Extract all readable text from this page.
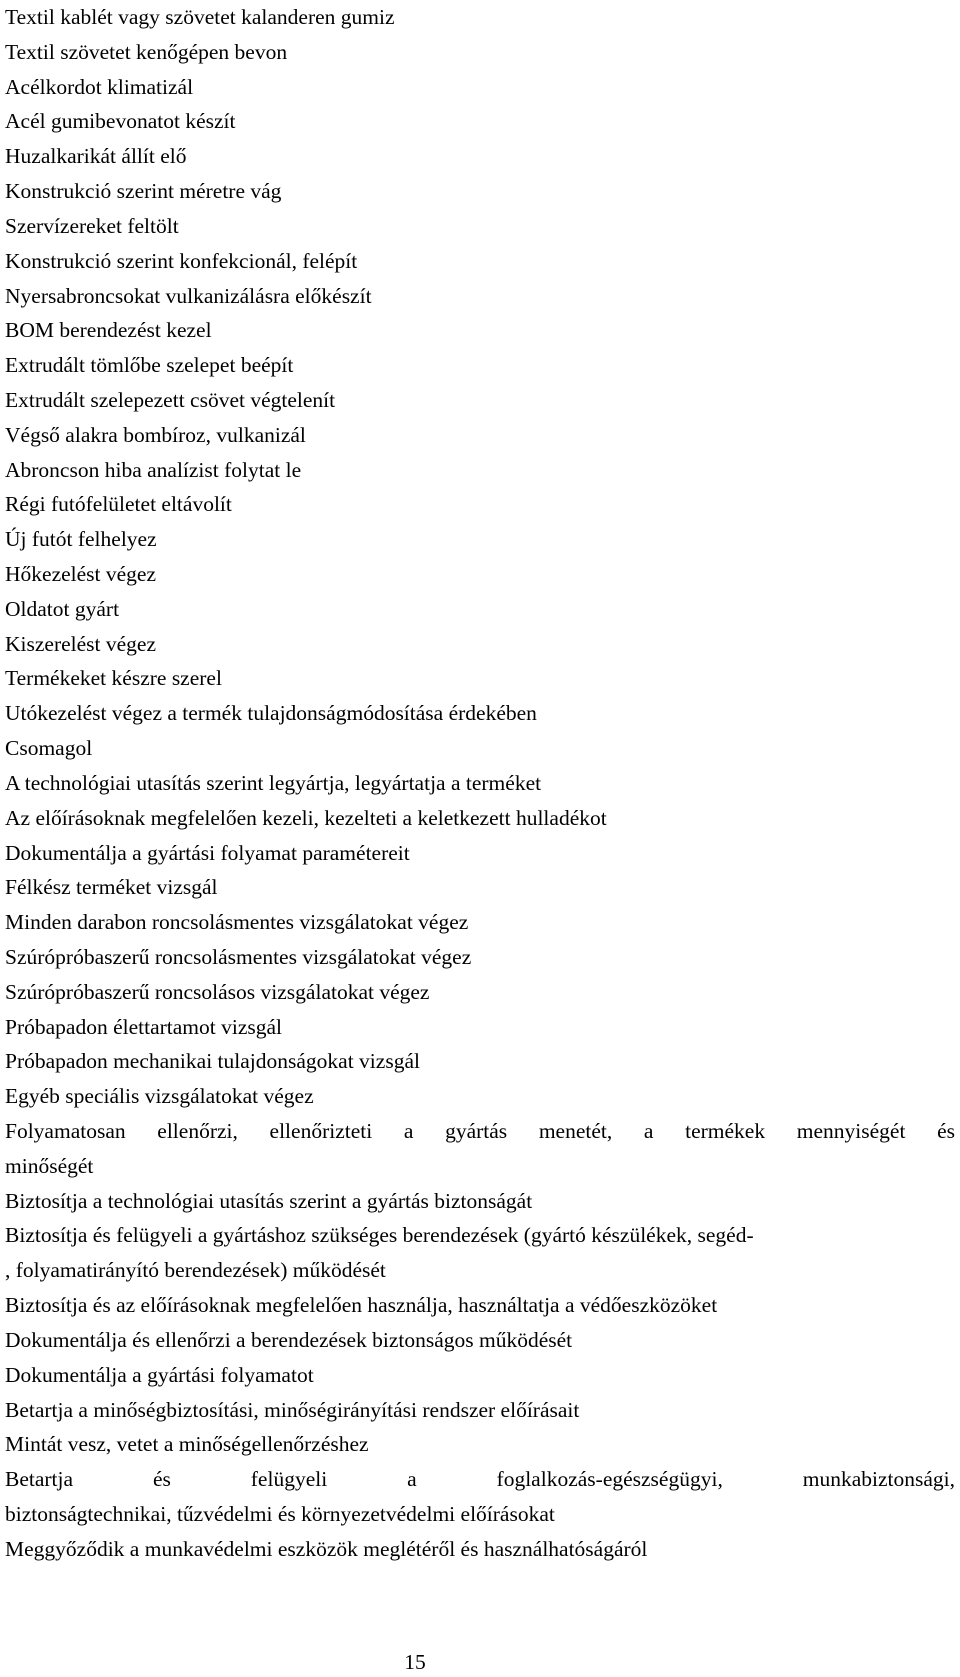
Textil kablét vagy szövetet kalanderen gumiz
Textil szövetet kenőgépen bevon
Acélkordot klimatizál
Acél gumibevonatot készít
Huzalkarikát állít elő
Konstrukció szerint méretre vág
Szervízereket feltölt
Konstrukció szerint konfekcionál, felépít
Nyersabroncsokat vulkanizálásra előkészít
BOM berendezést kezel
Extrudált tömlőbe szelepet beépít
Extrudált szelepezett csövet végtelenít
Végső alakra bombíroz, vulkanizál
Abroncson hiba analízist folytat le
Régi futófelületet eltávolít
Új futót felhelyez
Hőkezelést végez
Oldatot gyárt
Kiszerelést végez
Termékeket készre szerel
Utókezelést végez a termék tulajdonságmódosítása érdekében
Csomagol
A technológiai utasítás szerint legyártja, legyártatja a terméket
Az előírásoknak megfelelően kezeli, kezelteti a keletkezett hulladékot
Dokumentálja a gyártási folyamat paramétereit
Félkész terméket vizsgál
Minden darabon roncsolásmentes vizsgálatokat végez
Szúrópróbaszerű roncsolásmentes vizsgálatokat végez
Szúrópróbaszerű roncsolásos vizsgálatokat végez
Próbapadon élettartamot vizsgál
Próbapadon mechanikai tulajdonságokat vizsgál
Egyéb speciális vizsgálatokat végez
Folyamatosan ellenőrzi, ellenőrizteti a gyártás menetét, a termékek mennyiségét és
minőségét
Biztosítja a technológiai utasítás szerint a gyártás biztonságát
Biztosítja és felügyeli a gyártáshoz szükséges berendezések (gyártó készülékek, segéd-
, folyamatirányító berendezések) működését
Biztosítja és az előírásoknak megfelelően használja, használtatja a védőeszközöket
Dokumentálja és ellenőrzi a berendezések biztonságos működését
Dokumentálja a gyártási folyamatot
Betartja a minőségbiztosítási, minőségirányítási rendszer előírásait
Mintát vesz, vetet a minőségellenőrzéshez
Betartja és felügyeli a foglalkozás-egészségügyi, munkabiztonsági,
biztonságtechnikai, tűzvédelmi és környezetvédelmi előírásokat
Meggyőződik a munkavédelmi eszközök meglétéről és használhatóságáról
15
